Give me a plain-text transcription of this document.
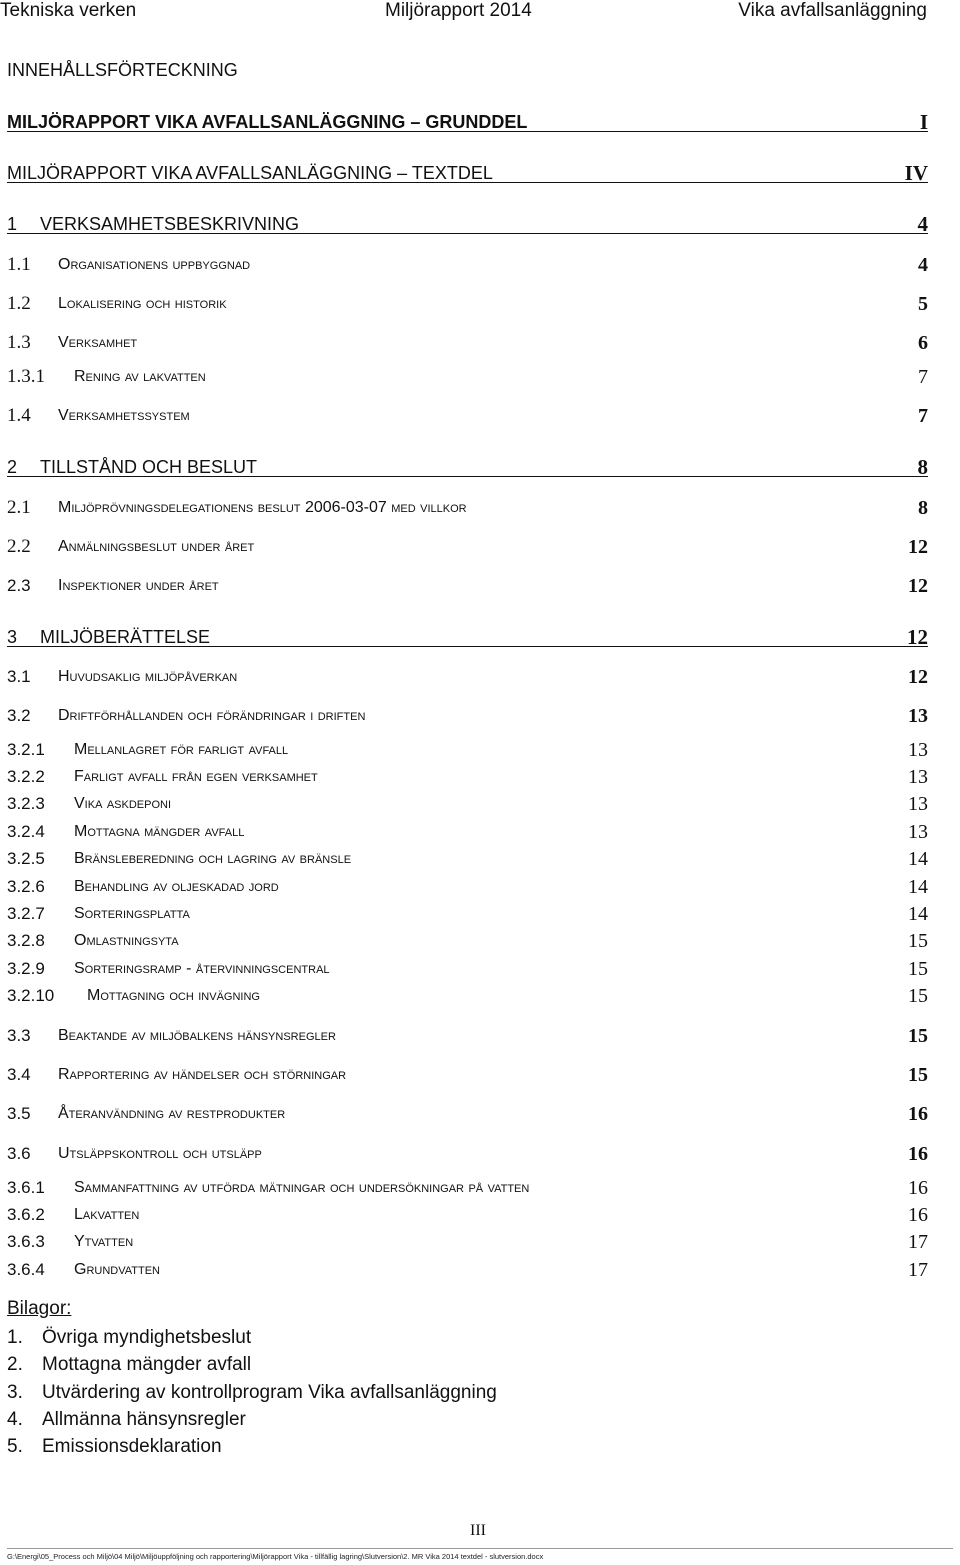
Tekniska verken	Miljörapport 2014	Vika avfallsanläggning
INNEHÅLLSFÖRTECKNING
MILJÖRAPPORT VIKA AVFALLSANLÄGGNING – GRUNDDEL	I
MILJÖRAPPORT VIKA AVFALLSANLÄGGNING – TEXTDEL	IV
1 VERKSAMHETSBESKRIVNING	4
1.1 Organisationens uppbyggnad	4
1.2 Lokalisering och historik	5
1.3 Verksamhet	6
1.3.1 Rening av lakvatten	7
1.4 Verksamhetssystem	7
2 TILLSTÅND OCH BESLUT	8
2.1 Miljöprövningsdelegationens beslut 2006-03-07 med villkor	8
2.2 Anmälningsbeslut under året	12
2.3 Inspektioner under året	12
3 MILJÖBERÄTTELSE	12
3.1 Huvudsaklig miljöpåverkan	12
3.2 Driftförhållanden och förändringar i driften	13
3.2.1 Mellanlagret för farligt avfall	13
3.2.2 Farligt avfall från egen verksamhet	13
3.2.3 Vika askdeponi	13
3.2.4 Mottagna mängder avfall	13
3.2.5 Bränsleberedning och lagring av bränsle	14
3.2.6 Behandling av oljeskadad jord	14
3.2.7 Sorteringsplatta	14
3.2.8 Omlastningsyta	15
3.2.9 Sorteringsramp - återvinningscentral	15
3.2.10 Mottagning och invägning	15
3.3 Beaktande av miljöbalkens hänsynsregler	15
3.4 Rapportering av händelser och störningar	15
3.5 Återanvändning av restprodukter	16
3.6 Utsläppskontroll och utsläpp	16
3.6.1 Sammanfattning av utförda mätningar och undersökningar på vatten	16
3.6.2 Lakvatten	16
3.6.3 Ytvatten	17
3.6.4 Grundvatten	17
Bilagor:
1. Övriga myndighetsbeslut
2. Mottagna mängder avfall
3. Utvärdering av kontrollprogram Vika avfallsanläggning
4. Allmänna hänsynsregler
5. Emissionsdeklaration
III
G:\Energi\05_Process och Miljö\04 Miljö\Miljöuppföljning och rapportering\Miljörapport Vika - tillfällig lagring\Slutversion\2. MR Vika 2014 textdel - slutversion.docx
